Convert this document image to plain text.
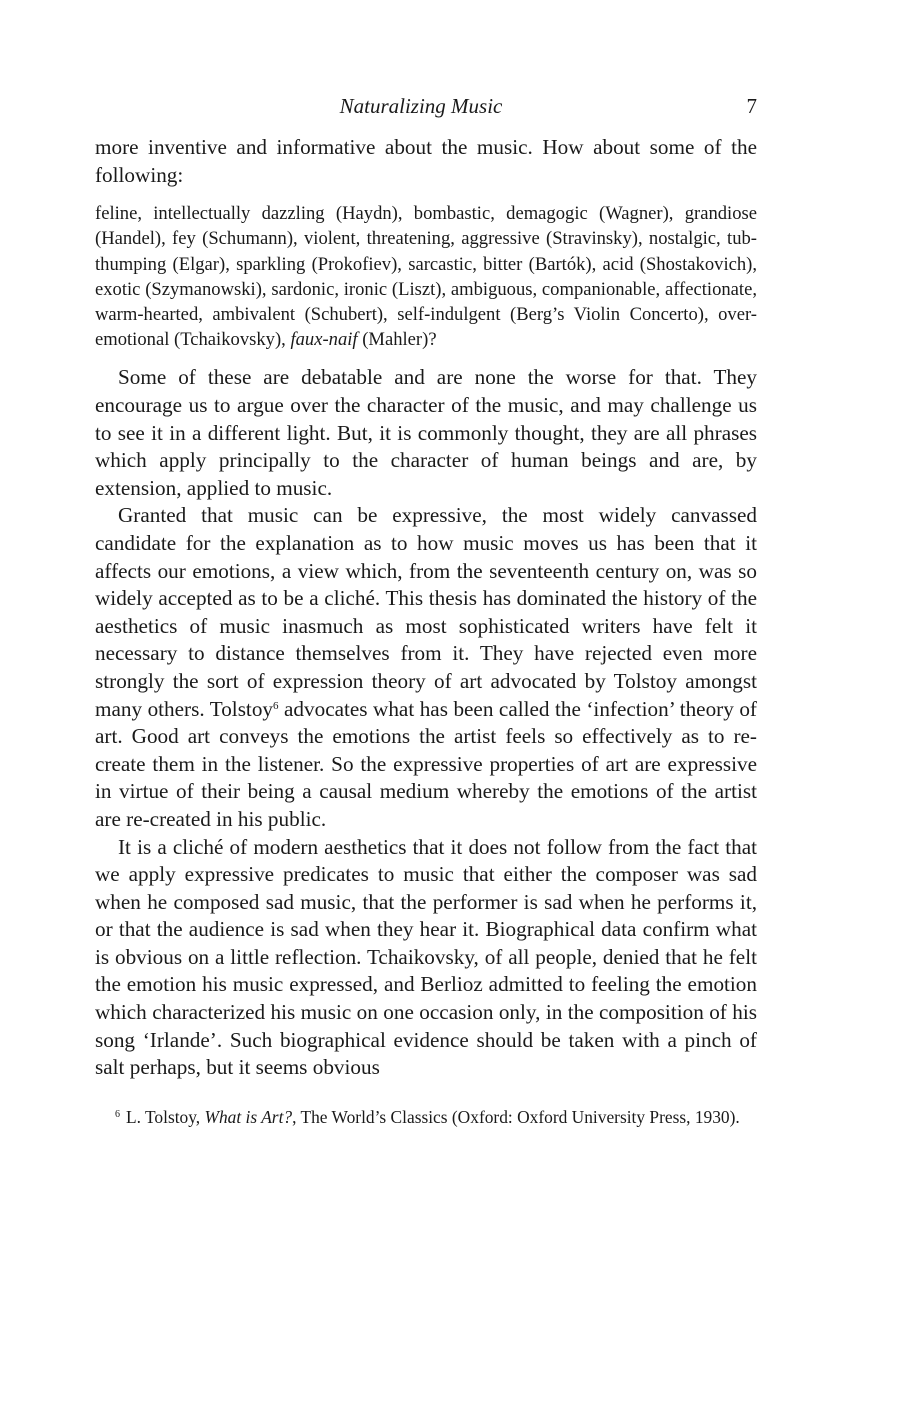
Naturalizing Music	7

more inventive and informative about the music. How about some of the following:

feline, intellectually dazzling (Haydn), bombastic, demagogic (Wagner), grandiose (Handel), fey (Schumann), violent, threatening, aggressive (Stravinsky), nostalgic, tub-thumping (Elgar), sparkling (Prokofiev), sarcastic, bitter (Bartók), acid (Shostakovich), exotic (Szymanowski), sardonic, ironic (Liszt), ambiguous, companionable, affectionate, warm-hearted, ambivalent (Schubert), self-indulgent (Berg’s Violin Concerto), over-emotional (Tchaikovsky), faux-naif (Mahler)?

Some of these are debatable and are none the worse for that. They encourage us to argue over the character of the music, and may challenge us to see it in a different light. But, it is commonly thought, they are all phrases which apply principally to the character of human beings and are, by extension, applied to music.

Granted that music can be expressive, the most widely canvassed candidate for the explanation as to how music moves us has been that it affects our emotions, a view which, from the seventeenth century on, was so widely accepted as to be a cliché. This thesis has dominated the history of the aesthetics of music inasmuch as most sophisticated writers have felt it necessary to distance themselves from it. They have rejected even more strongly the sort of expression theory of art advocated by Tolstoy amongst many others. Tolstoy$^6$ advocates what has been called the ‘infection’ theory of art. Good art conveys the emotions the artist feels so effectively as to re-create them in the listener. So the expressive properties of art are expressive in virtue of their being a causal medium whereby the emotions of the artist are re-created in his public.

It is a cliché of modern aesthetics that it does not follow from the fact that we apply expressive predicates to music that either the composer was sad when he composed sad music, that the performer is sad when he performs it, or that the audience is sad when they hear it. Biographical data confirm what is obvious on a little reflection. Tchaikovsky, of all people, denied that he felt the emotion his music expressed, and Berlioz admitted to feeling the emotion which characterized his music on one occasion only, in the composition of his song ‘Irlande’. Such biographical evidence should be taken with a pinch of salt perhaps, but it seems obvious

$^6$ L. Tolstoy, What is Art?, The World’s Classics (Oxford: Oxford University Press, 1930).
